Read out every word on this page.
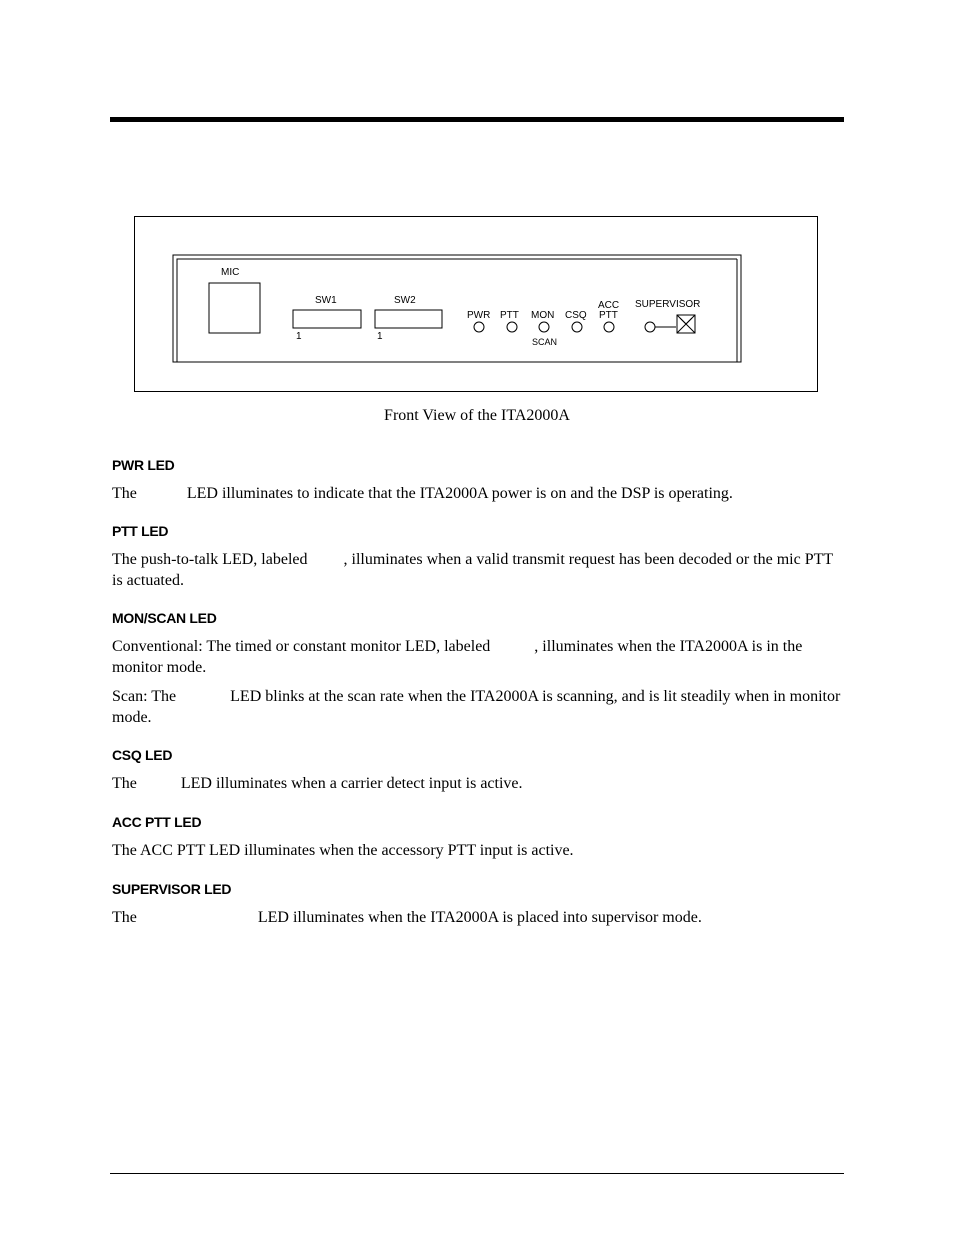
MIC
SW1
1
SW2
1
PWR PTT MON
SCAN
CSQ
ACC
PTT
SUPERVISOR
Front View of the ITA2000A
PWR LED

The	LED illuminates to indicate that the ITA2000A power is on and the DSP is operating.

PTT LED

The push-to-talk LED, labeled , illuminates when a valid transmit request has been decoded or the mic PTT is actuated.

MON/SCAN LED

Conventional: The timed or constant monitor LED, labeled	, illuminates when the ITA2000A is in the monitor mode.

Scan: The	LED blinks at the scan rate when the ITA2000A is scanning, and is lit steadily when in monitor mode.

CSQ LED

The	LED illuminates when a carrier detect input is active.

ACC PTT LED

The ACC PTT LED illuminates when the accessory PTT input is active.

SUPERVISOR LED

The	LED illuminates when the ITA2000A is placed into supervisor mode.
